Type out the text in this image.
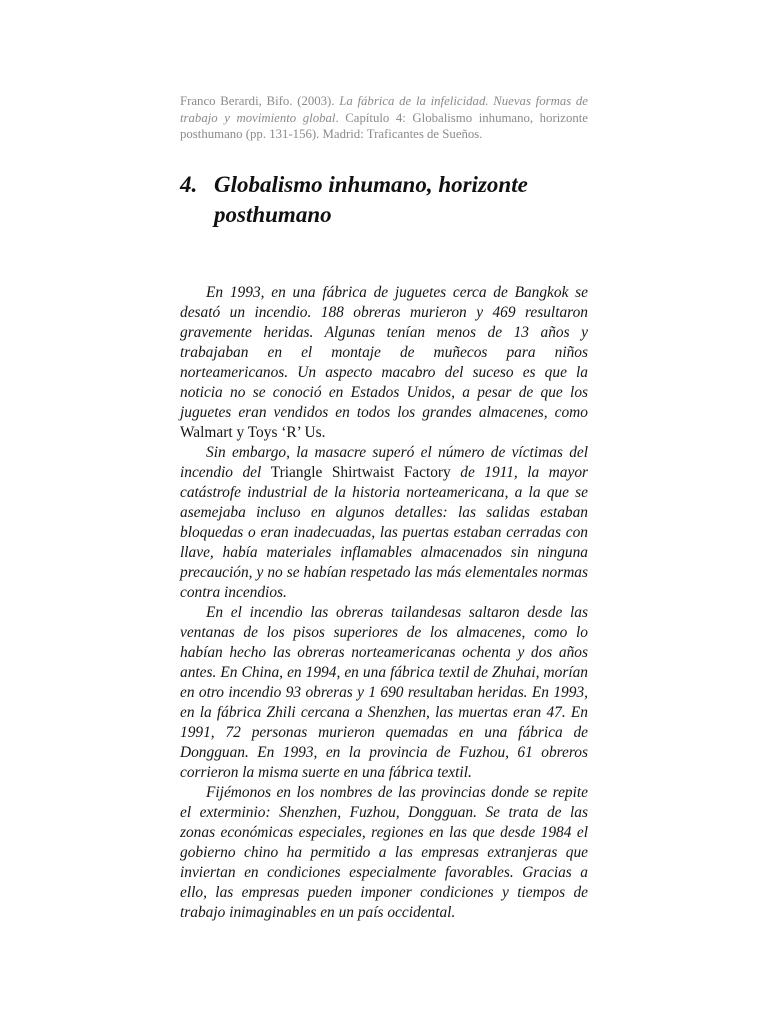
Franco Berardi, Bifo. (2003). La fábrica de la infelicidad. Nuevas formas de trabajo y movimiento global. Capítulo 4: Globalismo inhumano, horizonte posthumano (pp. 131-156). Madrid: Traficantes de Sueños.

4. Globalismo inhumano, horizonte
posthumano

En 1993, en una fábrica de juguetes cerca de Bangkok se desató un incendio. 188 obreras murieron y 469 resultaron gravemente heridas. Algunas tenían menos de 13 años y trabajaban en el montaje de muñecos para niños norteamericanos. Un aspecto macabro del suceso es que la noticia no se conoció en Estados Unidos, a pesar de que los juguetes eran vendidos en todos los grandes almacenes, como Walmart y Toys ‘R’ Us.

Sin embargo, la masacre superó el número de víctimas del incendio del Triangle Shirtwaist Factory de 1911, la mayor catástrofe industrial de la historia norteamericana, a la que se asemejaba incluso en algunos detalles: las salidas estaban bloquedas o eran inadecuadas, las puertas estaban cerradas con llave, había materiales inflamables almacenados sin ninguna precaución, y no se habían respetado las más elementales normas contra incendios.

En el incendio las obreras tailandesas saltaron desde las ventanas de los pisos superiores de los almacenes, como lo habían hecho las obreras norteamericanas ochenta y dos años antes. En China, en 1994, en una fábrica textil de Zhuhai, morían en otro incendio 93 obreras y 1 690 resultaban heridas. En 1993, en la fábrica Zhili cercana a Shenzhen, las muertas eran 47. En 1991, 72 personas murieron quemadas en una fábrica de Dongguan. En 1993, en la provincia de Fuzhou, 61 obreros corrieron la misma suerte en una fábrica textil.

Fijémonos en los nombres de las provincias donde se repite el exterminio: Shenzhen, Fuzhou, Dongguan. Se trata de las zonas económicas especiales, regiones en las que desde 1984 el gobierno chino ha permitido a las empresas extranjeras que inviertan en condiciones especialmente favorables. Gracias a ello, las empresas pueden imponer condiciones y tiempos de trabajo inimaginables en un país occidental.
